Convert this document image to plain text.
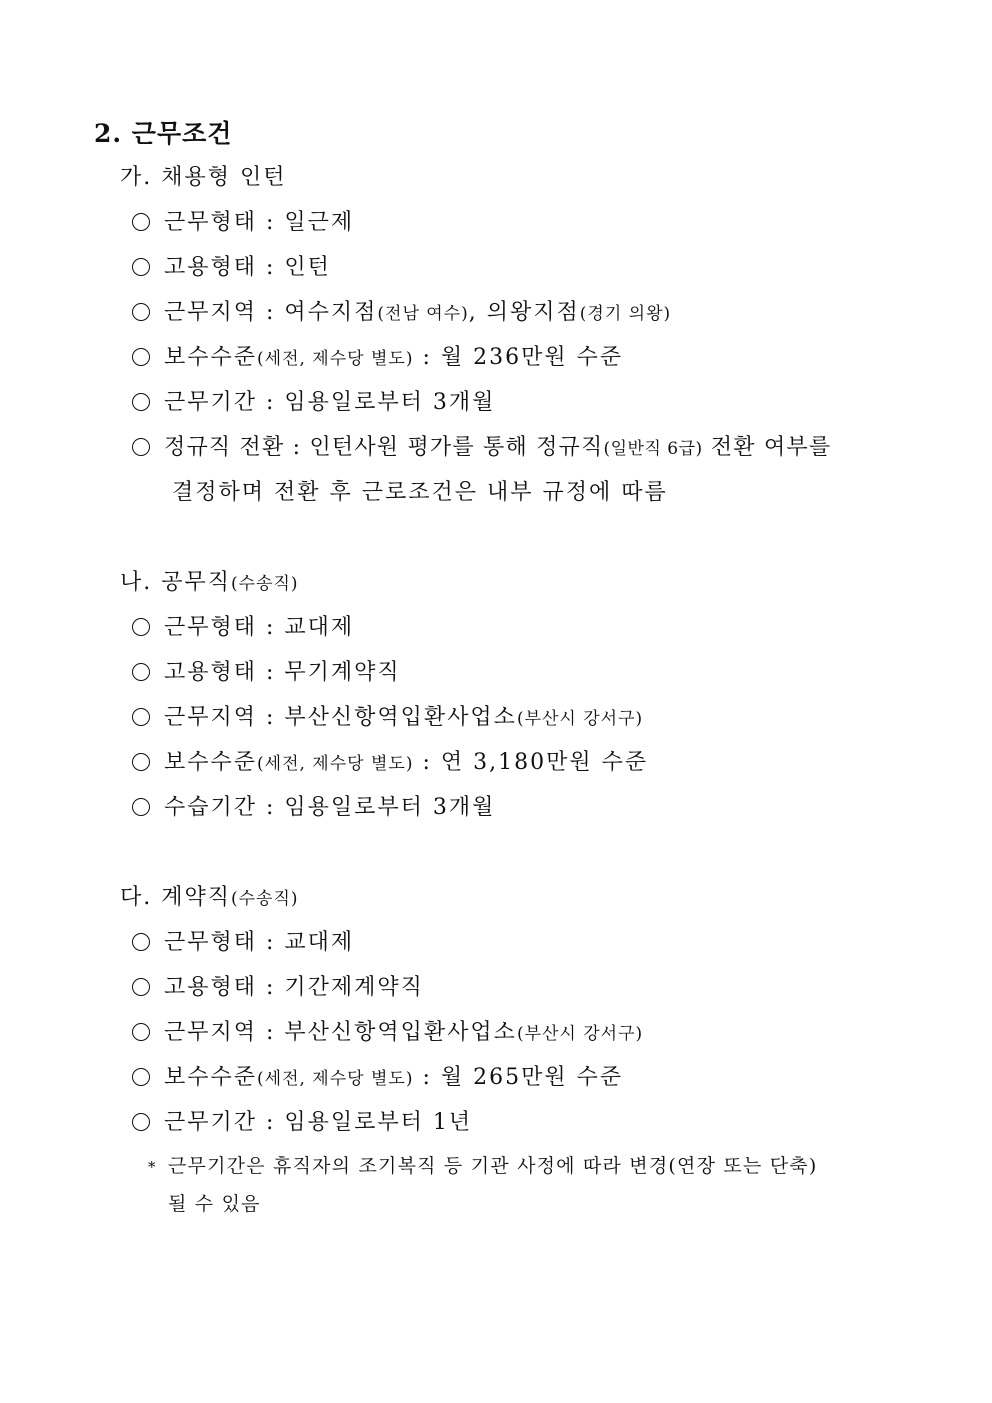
2. 근무조건
가. 채용형 인턴
근무형태 : 일근제
고용형태 : 인턴
근무지역 : 여수지점(전남 여수), 의왕지점(경기 의왕)
보수수준(세전, 제수당 별도) : 월 236만원 수준
근무기간 : 임용일로부터 3개월
정규직 전환 : 인턴사원 평가를 통해 정규직(일반직 6급) 전환 여부를
결정하며 전환 후 근로조건은 내부 규정에 따름
나. 공무직(수송직)
근무형태 : 교대제
고용형태 : 무기계약직
근무지역 : 부산신항역입환사업소(부산시 강서구)
보수수준(세전, 제수당 별도) : 연 3,180만원 수준
수습기간 : 임용일로부터 3개월
다. 계약직(수송직)
근무형태 : 교대제
고용형태 : 기간제계약직
근무지역 : 부산신항역입환사업소(부산시 강서구)
보수수준(세전, 제수당 별도) : 월 265만원 수준
근무기간 : 임용일로부터 1년
* 근무기간은 휴직자의 조기복직 등 기관 사정에 따라 변경(연장 또는 단축)
될 수 있음
